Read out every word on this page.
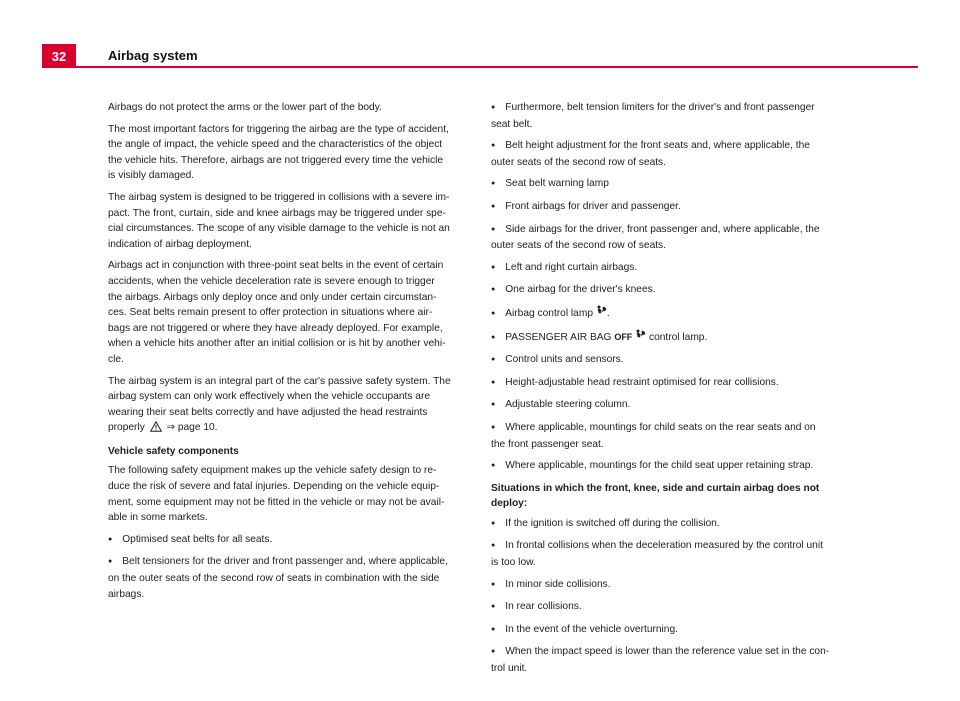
32	Airbag system

Airbags do not protect the arms or the lower part of the body.

The most important factors for triggering the airbag are the type of accident,
the angle of impact, the vehicle speed and the characteristics of the object
the vehicle hits. Therefore, airbags are not triggered every time the vehicle
is visibly damaged.

The airbag system is designed to be triggered in collisions with a severe im-
pact. The front, curtain, side and knee airbags may be triggered under spe-
cial circumstances. The scope of any visible damage to the vehicle is not an
indication of airbag deployment.

Airbags act in conjunction with three-point seat belts in the event of certain
accidents, when the vehicle deceleration rate is severe enough to trigger
the airbags. Airbags only deploy once and only under certain circumstan-
ces. Seat belts remain present to offer protection in situations where air-
bags are not triggered or where they have already deployed. For example,
when a vehicle hits another after an initial collision or is hit by another vehi-
cle.

The airbag system is an integral part of the car's passive safety system. The
airbag system can only work effectively when the vehicle occupants are
wearing their seat belts correctly and have adjusted the head restraints
properly  ⇒ page 10.

Vehicle safety components

The following safety equipment makes up the vehicle safety design to re-
duce the risk of severe and fatal injuries. Depending on the vehicle equip-
ment, some equipment may not be fitted in the vehicle or may not be avail-
able in some markets.

● Optimised seat belts for all seats.
● Belt tensioners for the driver and front passenger and, where applicable,
on the outer seats of the second row of seats in combination with the side
airbags.
● Furthermore, belt tension limiters for the driver's and front passenger
seat belt.
● Belt height adjustment for the front seats and, where applicable, the
outer seats of the second row of seats.
● Seat belt warning lamp
● Front airbags for driver and passenger.
● Side airbags for the driver, front passenger and, where applicable, the
outer seats of the second row of seats.
● Left and right curtain airbags.
● One airbag for the driver's knees.
● Airbag control lamp .
● PASSENGER AIR BAG OFF  control lamp.
● Control units and sensors.
● Height-adjustable head restraint optimised for rear collisions.
● Adjustable steering column.
● Where applicable, mountings for child seats on the rear seats and on
the front passenger seat.
● Where applicable, mountings for the child seat upper retaining strap.
Situations in which the front, knee, side and curtain airbag does not
deploy:
● If the ignition is switched off during the collision.
● In frontal collisions when the deceleration measured by the control unit
is too low.
● In minor side collisions.
● In rear collisions.
● In the event of the vehicle overturning.
● When the impact speed is lower than the reference value set in the con-
trol unit.
